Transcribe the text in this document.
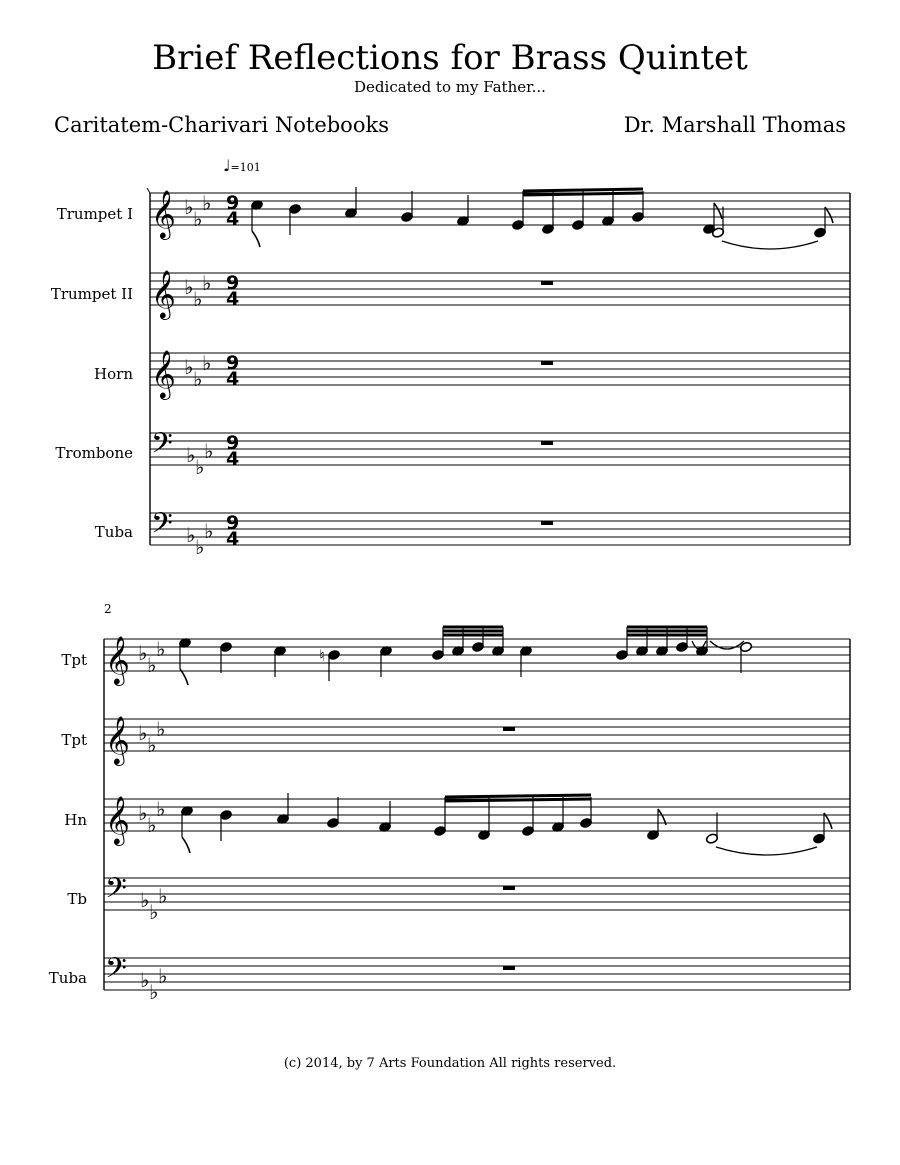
Brief Reflections for Brass Quintet
Dedicated to my Father...
Caritatem-Charivari Notebooks	Dr. Marshall Thomas
♩=101
2
Trumpet I
Trumpet II
Horn
Trombone
Tuba
Tpt
Tpt
Hn
Tb
Tuba
𝄞 ♭ ♭
♭ 9
4
𝄞 ♭ ♭
♭ 9
4
𝄞 ♭ ♭
♭ 9
4
𝄢 ♭ ♭
♭ 9
4
𝄢 ♭ ♭
♭ 9
4
𝄞 ♭ ♭
♭
𝄞 ♭ ♭
♭
𝄞 ♭ ♭
♭
𝄢 ♭ ♭
♭
𝄢 ♭ ♭
♭
♮
(c) 2014, by 7 Arts Foundation All rights reserved.
